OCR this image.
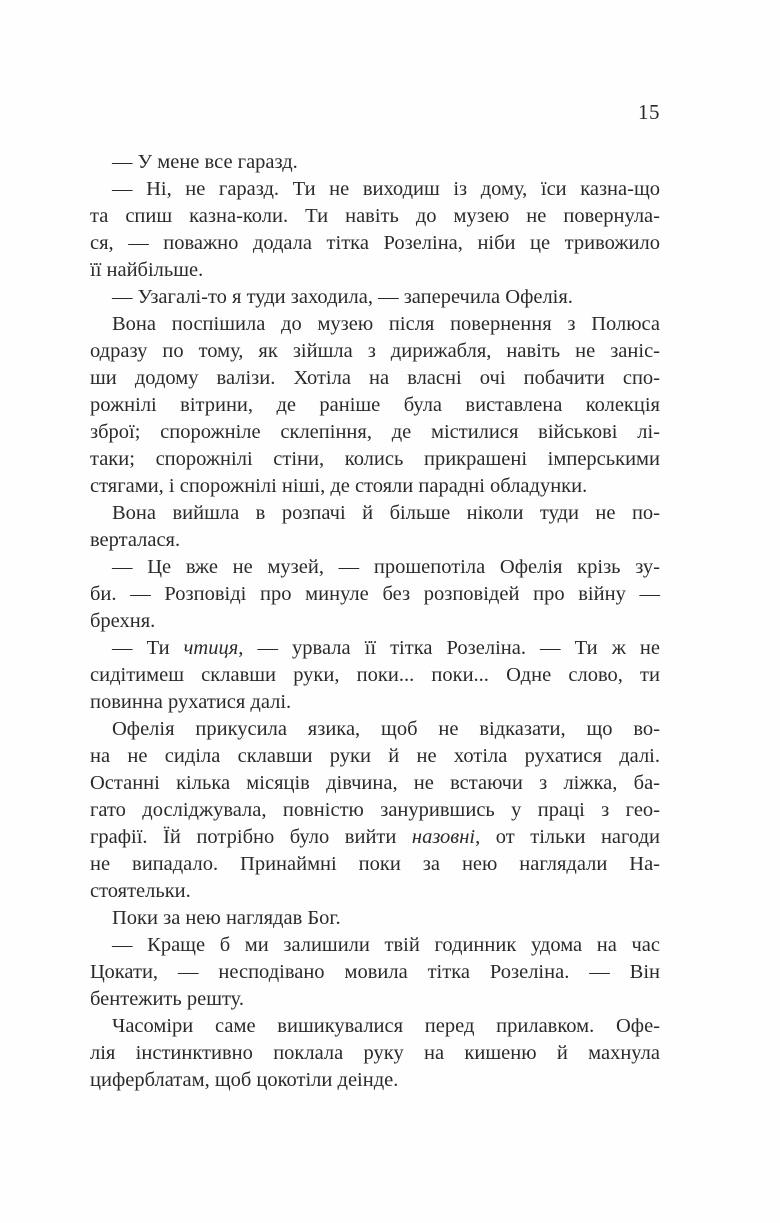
15
— У мене все гаразд.
— Ні, не гаразд. Ти не виходиш із дому, їси казна-що
та спиш казна-коли. Ти навіть до музею не повернула-
ся, — поважно додала тітка Розеліна, ніби це тривожило
її найбільше.
— Узагалі-то я туди заходила, — заперечила Офелія.
Вона поспішила до музею після повернення з Полюса
одразу по тому, як зійшла з дирижабля, навіть не заніс-
ши додому валізи. Хотіла на власні очі побачити спо-
рожнілі вітрини, де раніше була виставлена колекція
зброї; спорожніле склепіння, де містилися військові лі-
таки; спорожнілі стіни, колись прикрашені імперськими
стягами, і спорожнілі ніші, де стояли парадні обладунки.
Вона вийшла в розпачі й більше ніколи туди не по-
верталася.
— Це вже не музей, — прошепотіла Офелія крізь зу-
би. — Розповіді про минуле без розповідей про війну —
брехня.
— Ти чтиця, — урвала її тітка Розеліна. — Ти ж не
сидітимеш склавши руки, поки... поки... Одне слово, ти
повинна рухатися далі.
Офелія прикусила язика, щоб не відказати, що во-
на не сиділа склавши руки й не хотіла рухатися далі.
Останні кілька місяців дівчина, не встаючи з ліжка, ба-
гато досліджувала, повністю занурившись у праці з гео-
графії. Їй потрібно було вийти назовні, от тільки нагоди
не випадало. Принаймні поки за нею наглядали На-
стоятельки.
Поки за нею наглядав Бог.
— Краще б ми залишили твій годинник удома на час
Цокати, — несподівано мовила тітка Розеліна. — Він
бентежить решту.
Часоміри саме вишикувалися перед прилавком. Офе-
лія інстинктивно поклала руку на кишеню й махнула
циферблатам, щоб цокотіли деінде.
